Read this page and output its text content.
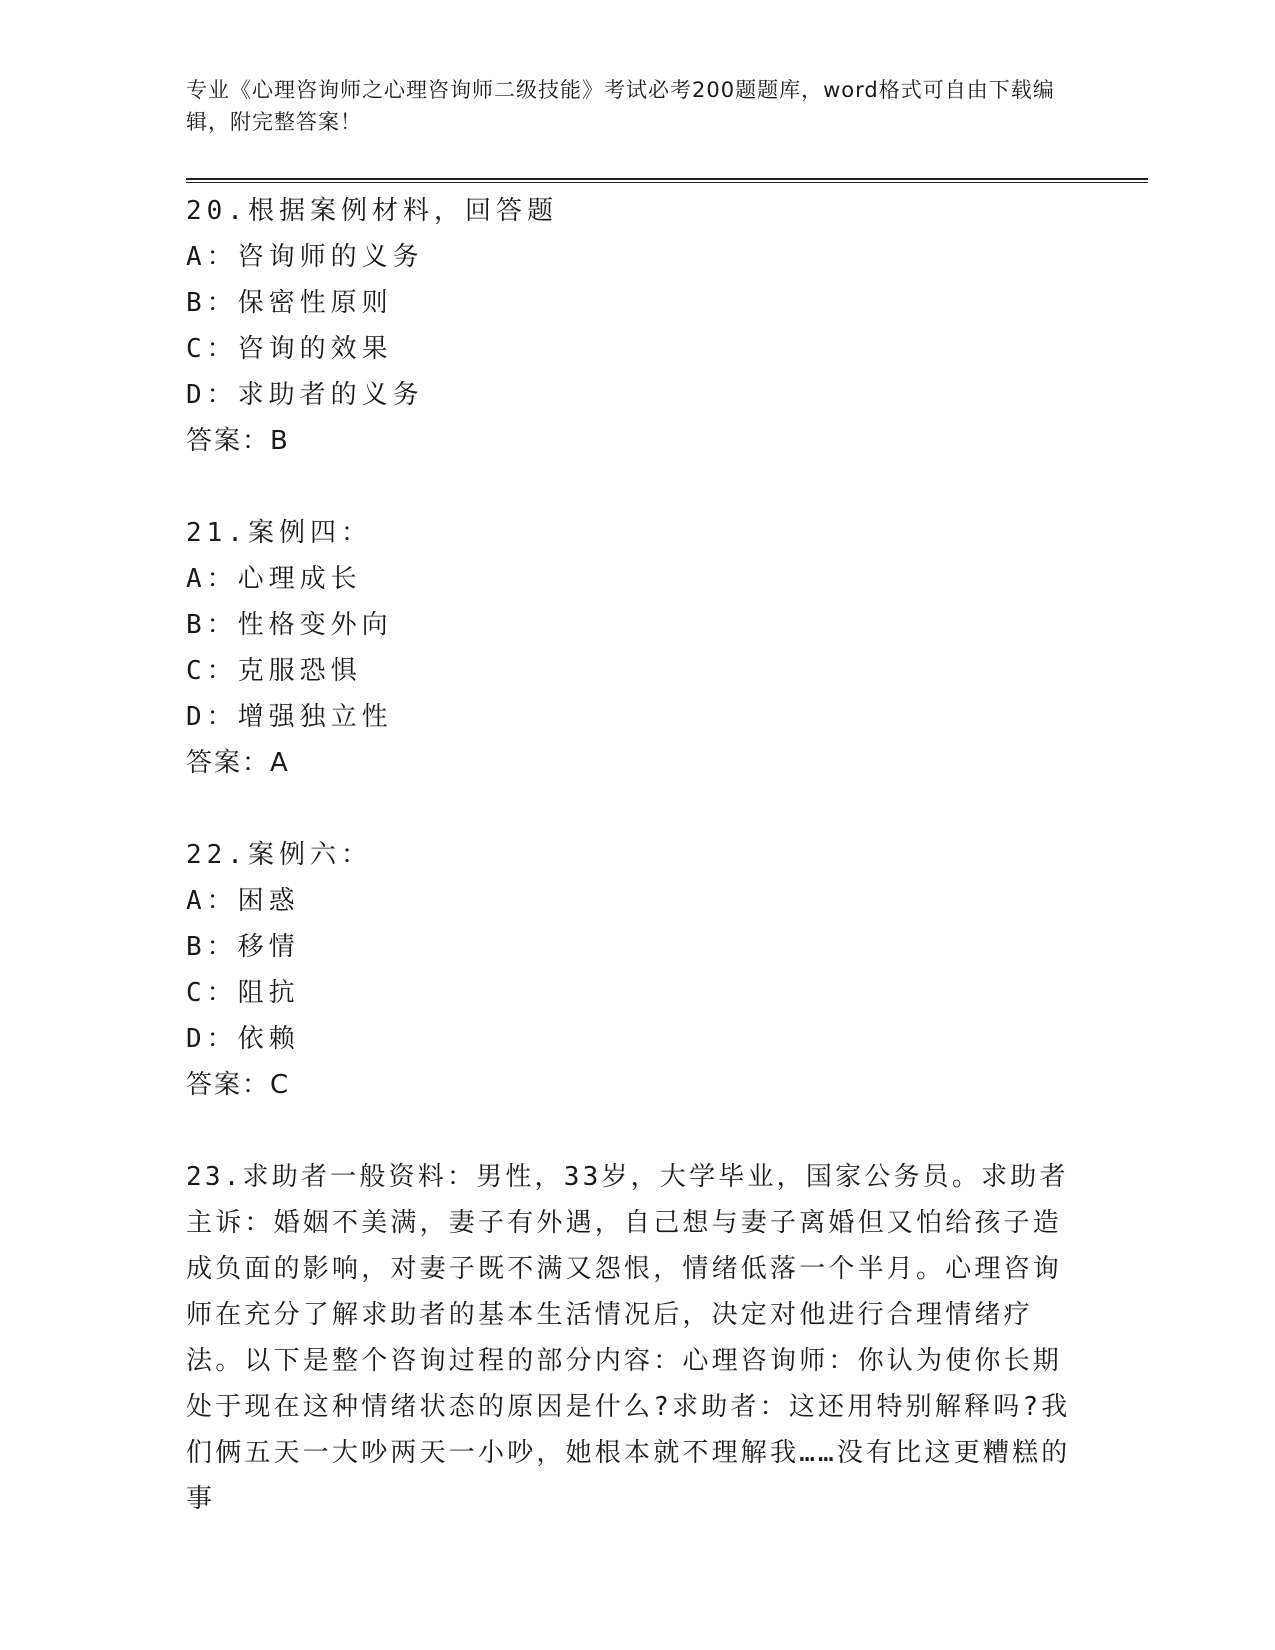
专业《心理咨询师之心理咨询师二级技能》考试必考200题题库，word格式可自由下载编辑，附完整答案！
20.根据案例材料，回答题
A：咨询师的义务
B：保密性原则
C：咨询的效果
D：求助者的义务
答案：B
21.案例四：
A：心理成长
B：性格变外向
C：克服恐惧
D：增强独立性
答案：A
22.案例六：
A：困惑
B：移情
C：阻抗
D：依赖
答案：C
23.求助者一般资料：男性，33岁，大学毕业，国家公务员。求助者主诉：婚姻不美满，妻子有外遇，自己想与妻子离婚但又怕给孩子造成负面的影响，对妻子既不满又怨恨，情绪低落一个半月。心理咨询师在充分了解求助者的基本生活情况后，决定对他进行合理情绪疗法。以下是整个咨询过程的部分内容：心理咨询师：你认为使你长期处于现在这种情绪状态的原因是什么?求助者：这还用特别解释吗?我们俩五天一大吵两天一小吵，她根本就不理解我……没有比这更糟糕的事
